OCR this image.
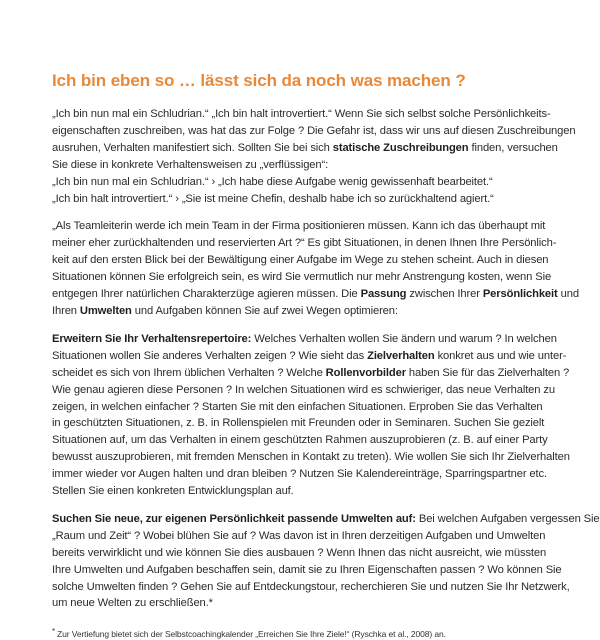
Ich bin eben so … lässt sich da noch was machen ?

„Ich bin nun mal ein Schludrian.“ „Ich bin halt introvertiert.“ Wenn Sie sich selbst solche Persönlichkeits-
eigenschaften zuschreiben, was hat das zur Folge ? Die Gefahr ist, dass wir uns auf diesen Zuschreibungen
ausruhen, Verhalten manifestiert sich. Sollten Sie bei sich statische Zuschreibungen finden, versuchen
Sie diese in konkrete Verhaltensweisen zu „verflüssigen“:
„Ich bin nun mal ein Schludrian.“ › „Ich habe diese Aufgabe wenig gewissenhaft bearbeitet.“
„Ich bin halt introvertiert.“ › „Sie ist meine Chefin, deshalb habe ich so zurückhaltend agiert.“

„Als Teamleiterin werde ich mein Team in der Firma positionieren müssen. Kann ich das überhaupt mit
meiner eher zurückhaltenden und reservierten Art ?“ Es gibt Situationen, in denen Ihnen Ihre Persönlich-
keit auf den ersten Blick bei der Bewältigung einer Aufgabe im Wege zu stehen scheint. Auch in diesen
Situationen können Sie erfolgreich sein, es wird Sie vermutlich nur mehr Anstrengung kosten, wenn Sie
entgegen Ihrer natürlichen Charakterzüge agieren müssen. Die Passung zwischen Ihrer Persönlichkeit und
Ihren Umwelten und Aufgaben können Sie auf zwei Wegen optimieren:

Erweitern Sie Ihr Verhaltensrepertoire: Welches Verhalten wollen Sie ändern und warum ? In welchen
Situationen wollen Sie anderes Verhalten zeigen ? Wie sieht das Zielverhalten konkret aus und wie unter-
scheidet es sich von Ihrem üblichen Verhalten ? Welche Rollenvorbilder haben Sie für das Zielverhalten ?
Wie genau agieren diese Personen ? In welchen Situationen wird es schwieriger, das neue Verhalten zu
zeigen, in welchen einfacher ? Starten Sie mit den einfachen Situationen. Erproben Sie das Verhalten
in geschützten Situationen, z. B. in Rollenspielen mit Freunden oder in Seminaren. Suchen Sie gezielt
Situationen auf, um das Verhalten in einem geschützten Rahmen auszuprobieren (z. B. auf einer Party
bewusst auszuprobieren, mit fremden Menschen in Kontakt zu treten). Wie wollen Sie sich Ihr Zielverhalten
immer wieder vor Augen halten und dran bleiben ? Nutzen Sie Kalendereinträge, Sparringspartner etc.
Stellen Sie einen konkreten Entwicklungsplan auf.

Suchen Sie neue, zur eigenen Persönlichkeit passende Umwelten auf: Bei welchen Aufgaben vergessen Sie
„Raum und Zeit“ ? Wobei blühen Sie auf ? Was davon ist in Ihren derzeitigen Aufgaben und Umwelten
bereits verwirklicht und wie können Sie dies ausbauen ? Wenn Ihnen das nicht ausreicht, wie müssten
Ihre Umwelten und Aufgaben beschaffen sein, damit sie zu Ihren Eigenschaften passen ? Wo können Sie
solche Umwelten finden ? Gehen Sie auf Entdeckungstour, recherchieren Sie und nutzen Sie Ihr Netzwerk,
um neue Welten zu erschließen.*

* Zur Vertiefung bietet sich der Selbstcoachingkalender „Erreichen Sie Ihre Ziele!“ (Ryschka et al., 2008) an.
